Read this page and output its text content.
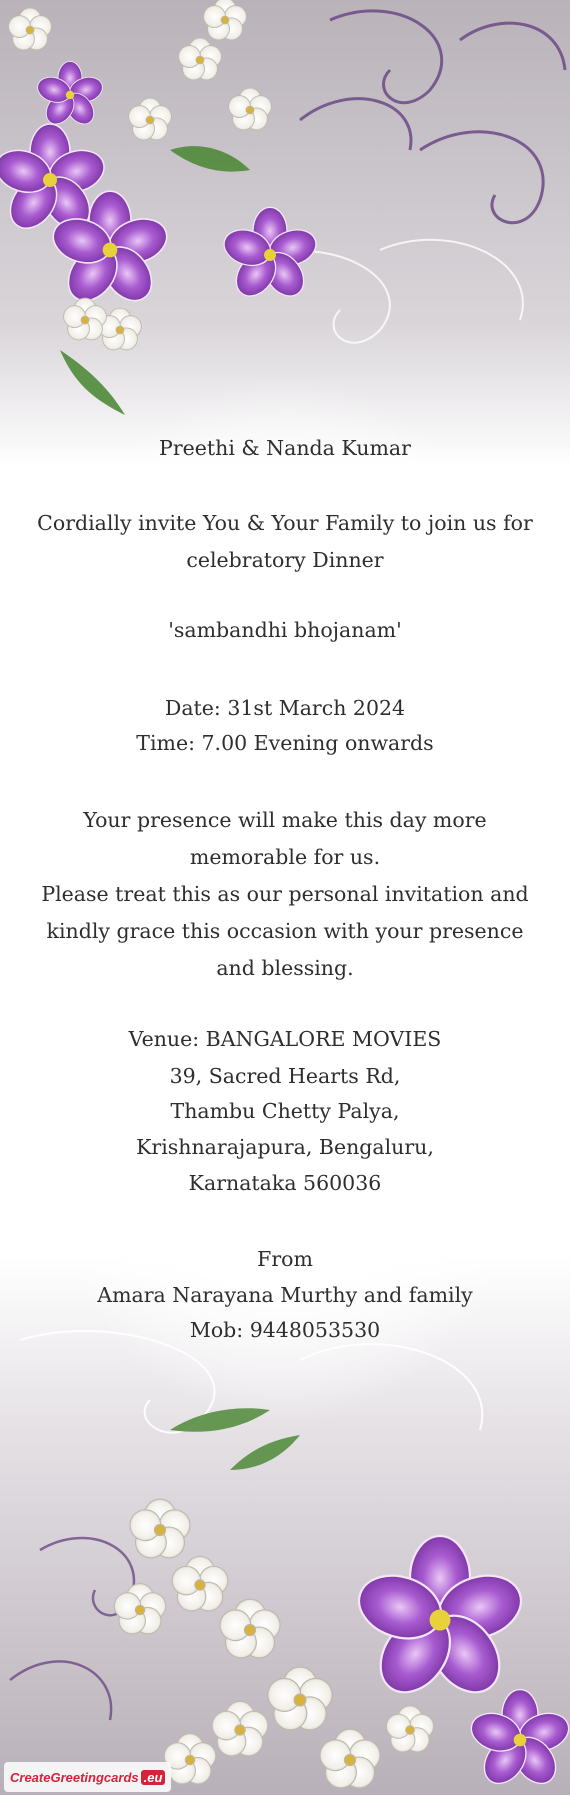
Preethi & Nanda Kumar
Cordially invite You & Your Family to join us for celebratory Dinner
'sambandhi bhojanam'
Date: 31st March 2024
Time: 7.00 Evening onwards
Your presence will make this day more memorable for us.
Please treat this as our personal invitation and kindly grace this occasion with your presence and blessing.
Venue: BANGALORE MOVIES
39, Sacred Hearts Rd,
Thambu Chetty Palya,
Krishnarajapura, Bengaluru,
Karnataka 560036
From
Amara Narayana Murthy and family
Mob: 9448053530
CreateGreetingcards .eu
